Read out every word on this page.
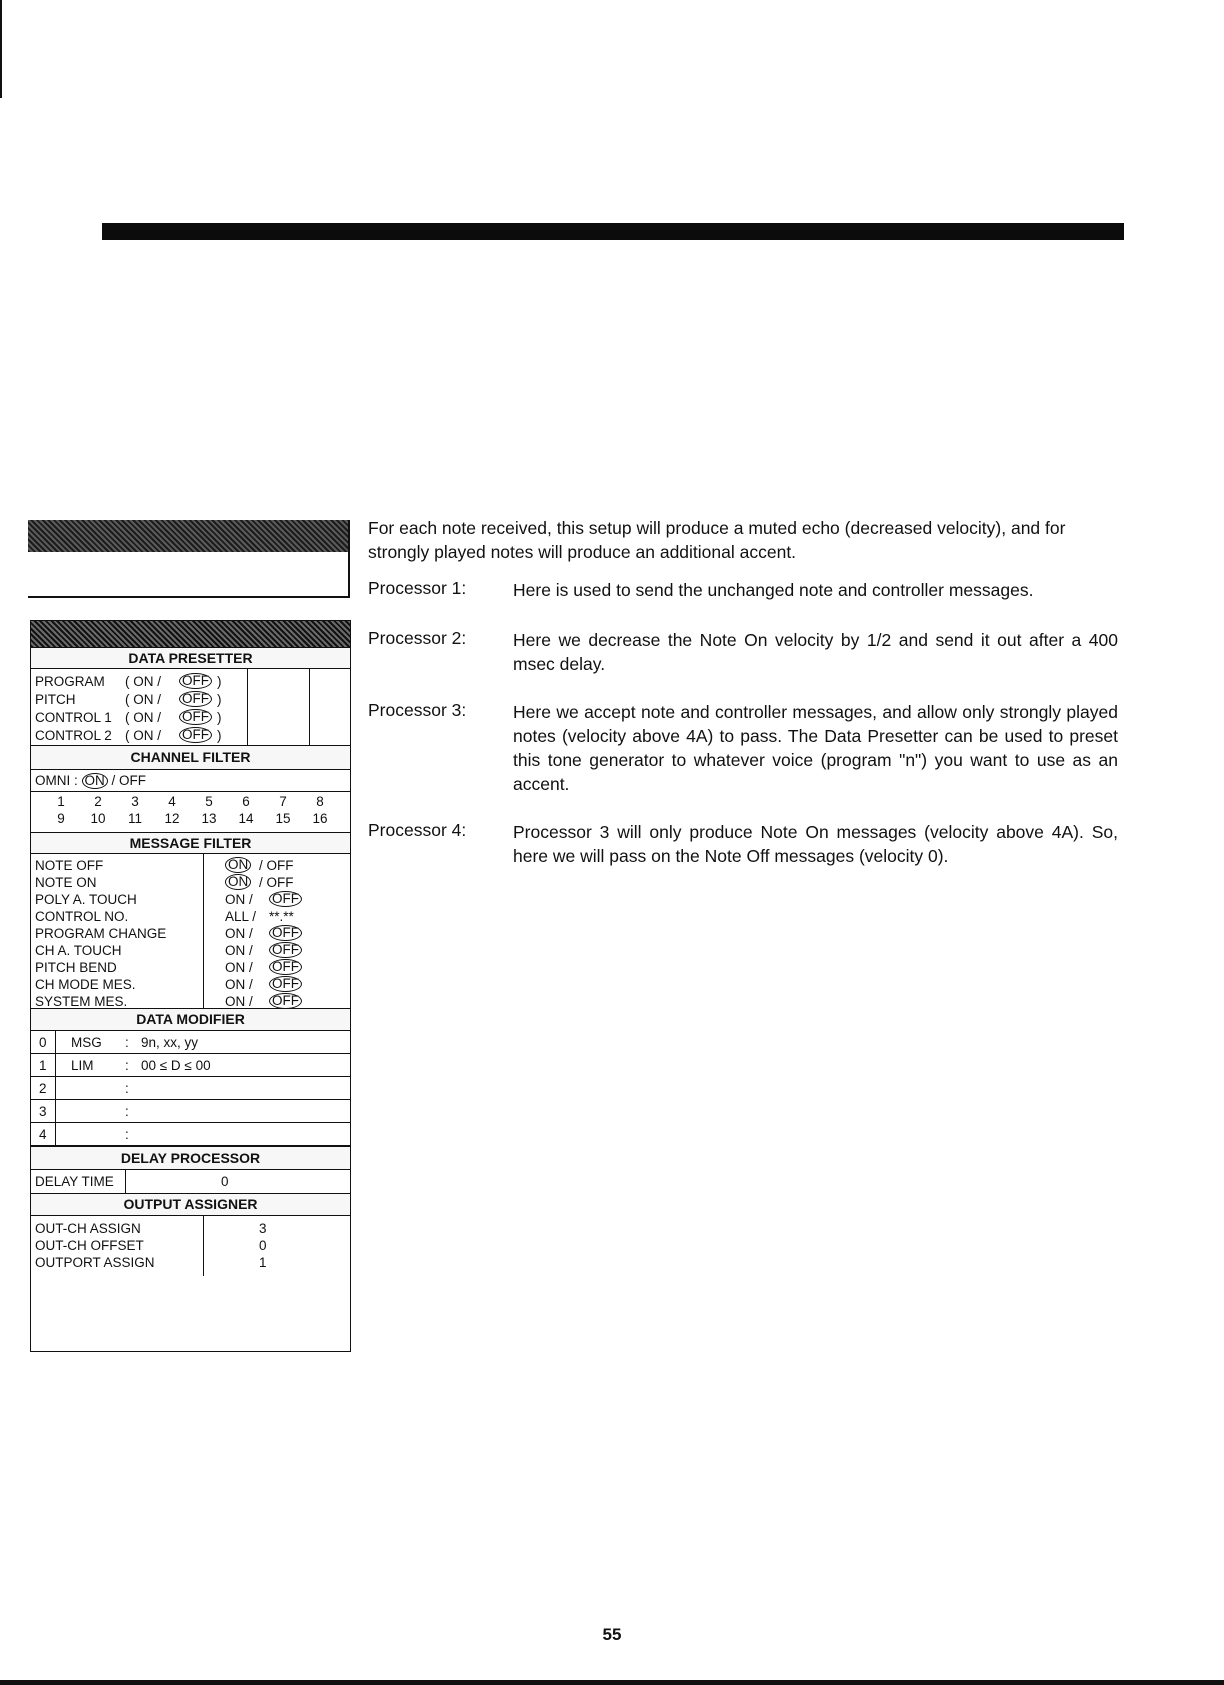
DATA PRESETTER
PROGRAM ( ON / OFF )
PITCH	( ON / OFF )
CONTROL 1 ( ON / OFF )
CONTROL 2 ( ON / OFF )
CHANNEL FILTER
OMNI : ON / OFF
1	2	3	4	5	6	7	8
9	10 11 12 13 14 15 16
MESSAGE FILTER
NOTE OFF	ON / OFF
NOTE ON	ON / OFF
POLY A. TOUCH	ON / OFF
CONTROL NO.	ALL / **.**
PROGRAM CHANGE	ON / OFF
CH A. TOUCH	ON / OFF
PITCH BEND	ON / OFF
CH MODE MES.	ON / OFF
SYSTEM MES.	ON / OFF
DATA MODIFIER
0 MSG : 9n, xx, yy
1 LIM : 00 ≤ D ≤ 00
2	:
3	:
4	:
DELAY PROCESSOR
DELAY TIME	0
OUTPUT ASSIGNER
OUT-CH ASSIGN	3
OUT-CH OFFSET	0
OUTPORT ASSIGN	1
For each note received, this setup will produce a muted echo (decreased velocity), and for strongly played notes will produce an additional accent.
Processor 1:	Here is used to send the unchanged note and controller messages.
Processor 2:	Here we decrease the Note On velocity by 1/2 and send it out after a 400 msec delay.
Processor 3:	Here we accept note and controller messages, and allow only strongly played notes (velocity above 4A) to pass. The Data Presetter can be used to preset this tone generator to whatever voice (program "n") you want to use as an accent.
Processor 4:	Processor 3 will only produce Note On messages (velocity above 4A). So, here we will pass on the Note Off messages (velocity 0).
55
